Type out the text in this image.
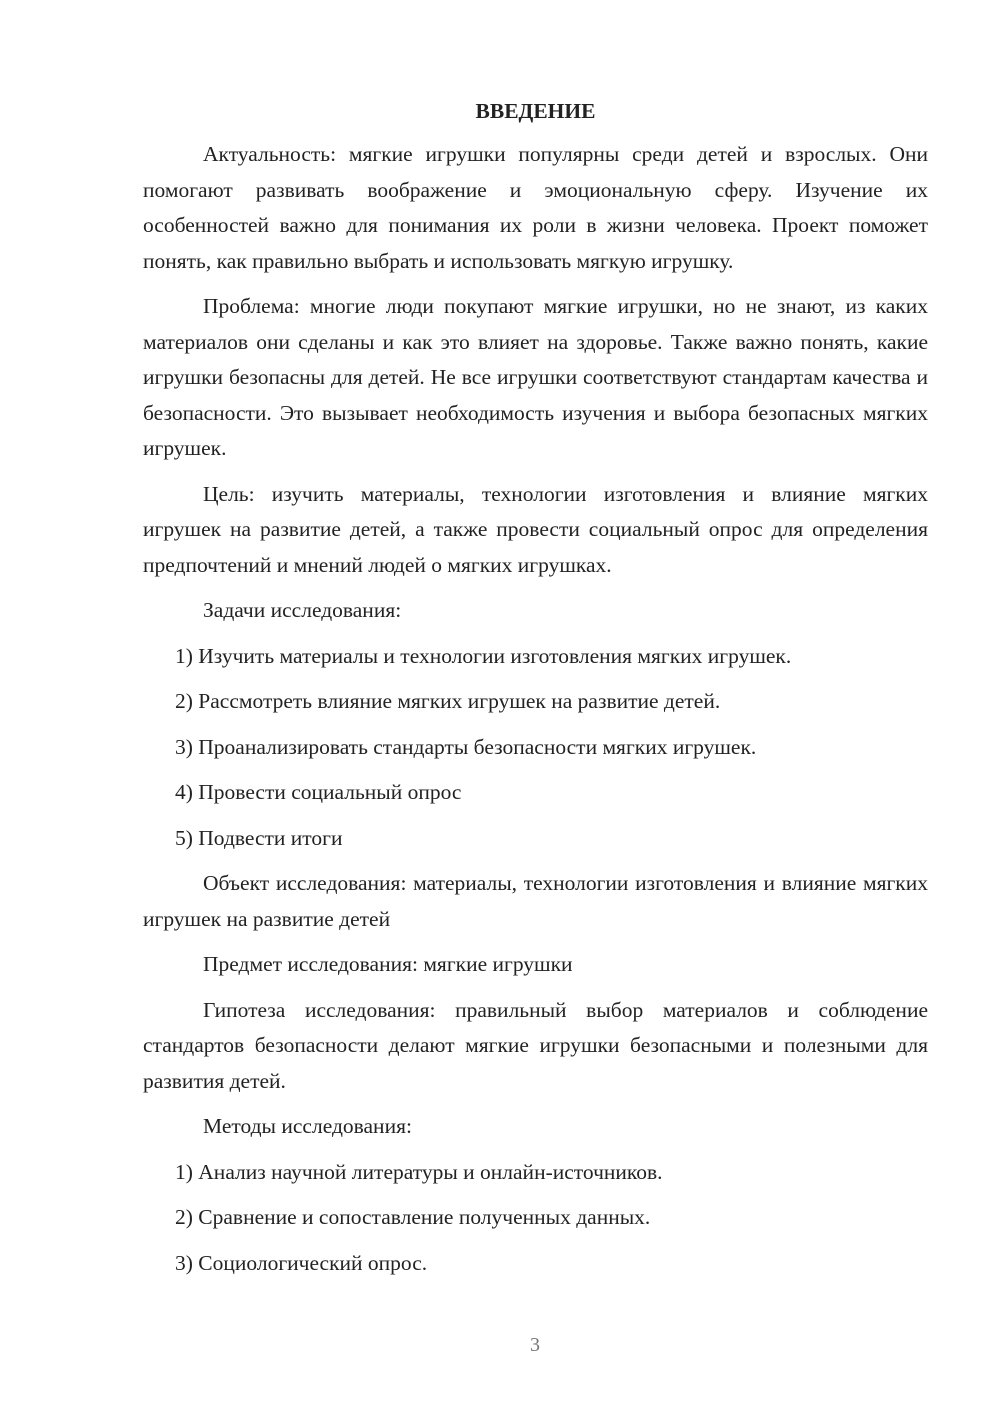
ВВЕДЕНИЕ
Актуальность: мягкие игрушки популярны среди детей и взрослых. Они помогают развивать воображение и эмоциональную сферу. Изучение их особенностей важно для понимания их роли в жизни человека. Проект поможет понять, как правильно выбрать и использовать мягкую игрушку.
Проблема: многие люди покупают мягкие игрушки, но не знают, из каких материалов они сделаны и как это влияет на здоровье. Также важно понять, какие игрушки безопасны для детей. Не все игрушки соответствуют стандартам качества и безопасности. Это вызывает необходимость изучения и выбора безопасных мягких игрушек.
Цель: изучить материалы, технологии изготовления и влияние мягких игрушек на развитие детей, а также провести социальный опрос для определения предпочтений и мнений людей о мягких игрушках.
Задачи исследования:
1) Изучить материалы и технологии изготовления мягких игрушек.
2) Рассмотреть влияние мягких игрушек на развитие детей.
3) Проанализировать стандарты безопасности мягких игрушек.
4) Провести социальный опрос
5) Подвести итоги
Объект исследования: материалы, технологии изготовления и влияние мягких игрушек на развитие детей
Предмет исследования: мягкие игрушки
Гипотеза исследования: правильный выбор материалов и соблюдение стандартов безопасности делают мягкие игрушки безопасными и полезными для развития детей.
Методы исследования:
1) Анализ научной литературы и онлайн-источников.
2) Сравнение и сопоставление полученных данных.
3) Социологический опрос.
3
